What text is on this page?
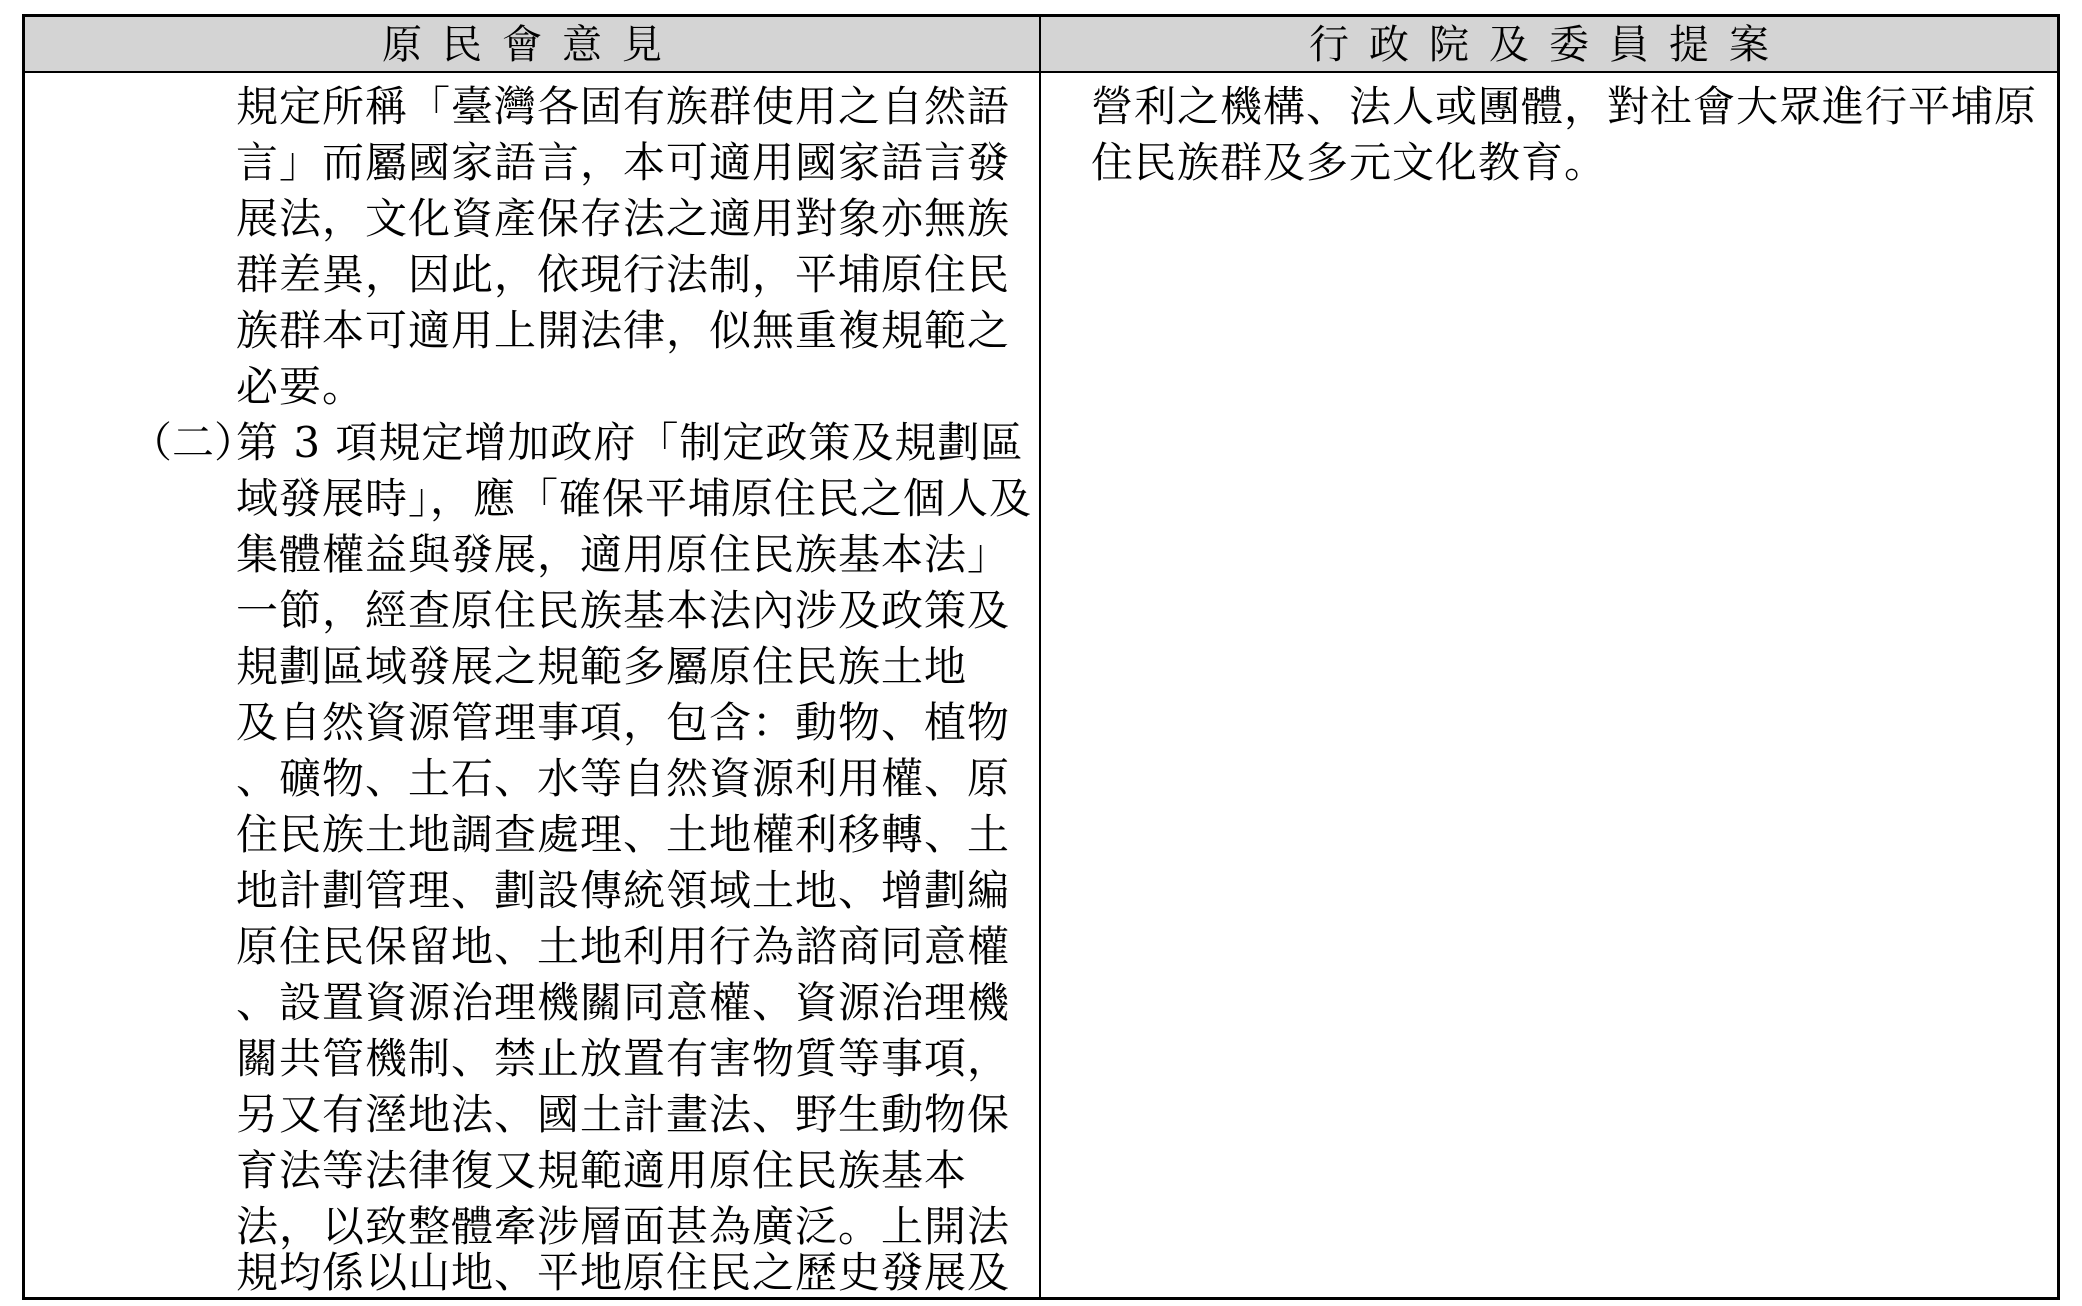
原民會意見	行政院及委員提案
規定所稱「臺灣各固有族群使用之自然語
言」而屬國家語言，本可適用國家語言發
展法，文化資產保存法之適用對象亦無族
群差異，因此，依現行法制，平埔原住民
族群本可適用上開法律，似無重複規範之
必要。
（二）
第 3 項規定增加政府「制定政策及規劃區
域發展時」，應「確保平埔原住民之個人及
集體權益與發展，適用原住民族基本法」
一節，經查原住民族基本法內涉及政策及
規劃區域發展之規範多屬原住民族土地
及自然資源管理事項，包含：動物、植物
、礦物、土石、水等自然資源利用權、原
住民族土地調查處理、土地權利移轉、土
地計劃管理、劃設傳統領域土地、增劃編
原住民保留地、土地利用行為諮商同意權
、設置資源治理機關同意權、資源治理機
關共管機制、禁止放置有害物質等事項，
另又有溼地法、國土計畫法、野生動物保
育法等法律復又規範適用原住民族基本
法，以致整體牽涉層面甚為廣泛。上開法
規均係以山地、平地原住民之歷史發展及
營利之機構、法人或團體，對社會大眾進行平埔原
住民族群及多元文化教育。
